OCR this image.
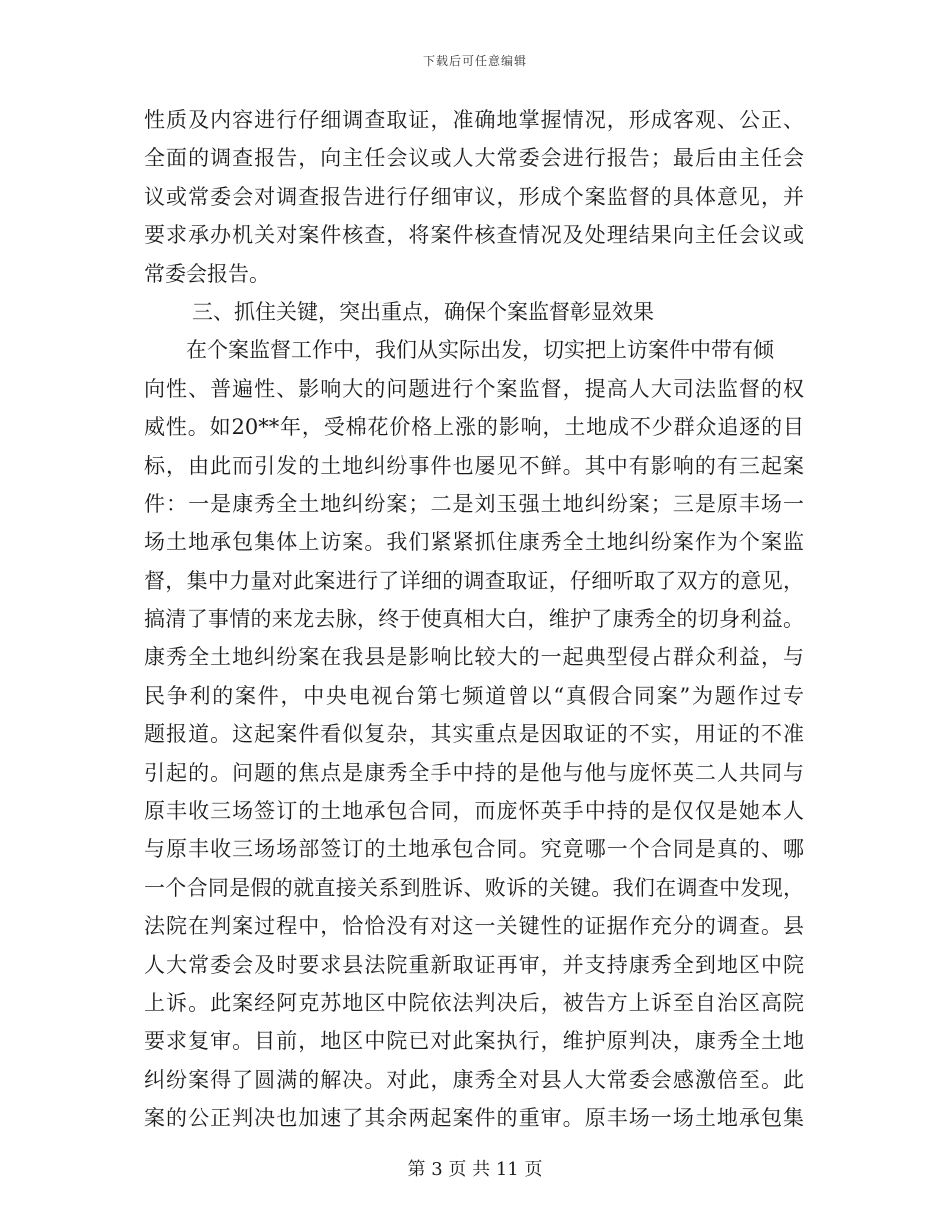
下载后可任意编辑

性质及内容进行仔细调查取证，准确地掌握情况，形成客观、公正、

全面的调查报告，向主任会议或人大常委会进行报告；最后由主任会

议或常委会对调查报告进行仔细审议，形成个案监督的具体意见，并

要求承办机关对案件核查，将案件核查情况及处理结果向主任会议或

常委会报告。

三、抓住关键，突出重点，确保个案监督彰显效果

在个案监督工作中，我们从实际出发，切实把上访案件中带有倾

向性、普遍性、影响大的问题进行个案监督，提高人大司法监督的权

威性。如20**年，受棉花价格上涨的影响，土地成不少群众追逐的目

标，由此而引发的土地纠纷事件也屡见不鲜。其中有影响的有三起案

件：一是康秀全土地纠纷案；二是刘玉强土地纠纷案；三是原丰场一

场土地承包集体上访案。我们紧紧抓住康秀全土地纠纷案作为个案监

督，集中力量对此案进行了详细的调查取证，仔细听取了双方的意见，

搞清了事情的来龙去脉，终于使真相大白，维护了康秀全的切身利益。

康秀全土地纠纷案在我县是影响比较大的一起典型侵占群众利益，与

民争利的案件，中央电视台第七频道曾以“真假合同案”为题作过专

题报道。这起案件看似复杂，其实重点是因取证的不实，用证的不准

引起的。问题的焦点是康秀全手中持的是他与他与庞怀英二人共同与

原丰收三场签订的土地承包合同，而庞怀英手中持的是仅仅是她本人

与原丰收三场场部签订的土地承包合同。究竟哪一个合同是真的、哪

一个合同是假的就直接关系到胜诉、败诉的关键。我们在调查中发现，

法院在判案过程中，恰恰没有对这一关键性的证据作充分的调查。县

人大常委会及时要求县法院重新取证再审，并支持康秀全到地区中院

上诉。此案经阿克苏地区中院依法判决后，被告方上诉至自治区高院

要求复审。目前，地区中院已对此案执行，维护原判决，康秀全土地

纠纷案得了圆满的解决。对此，康秀全对县人大常委会感激倍至。此

案的公正判决也加速了其余两起案件的重审。原丰场一场土地承包集

第 3 页 共 11 页
